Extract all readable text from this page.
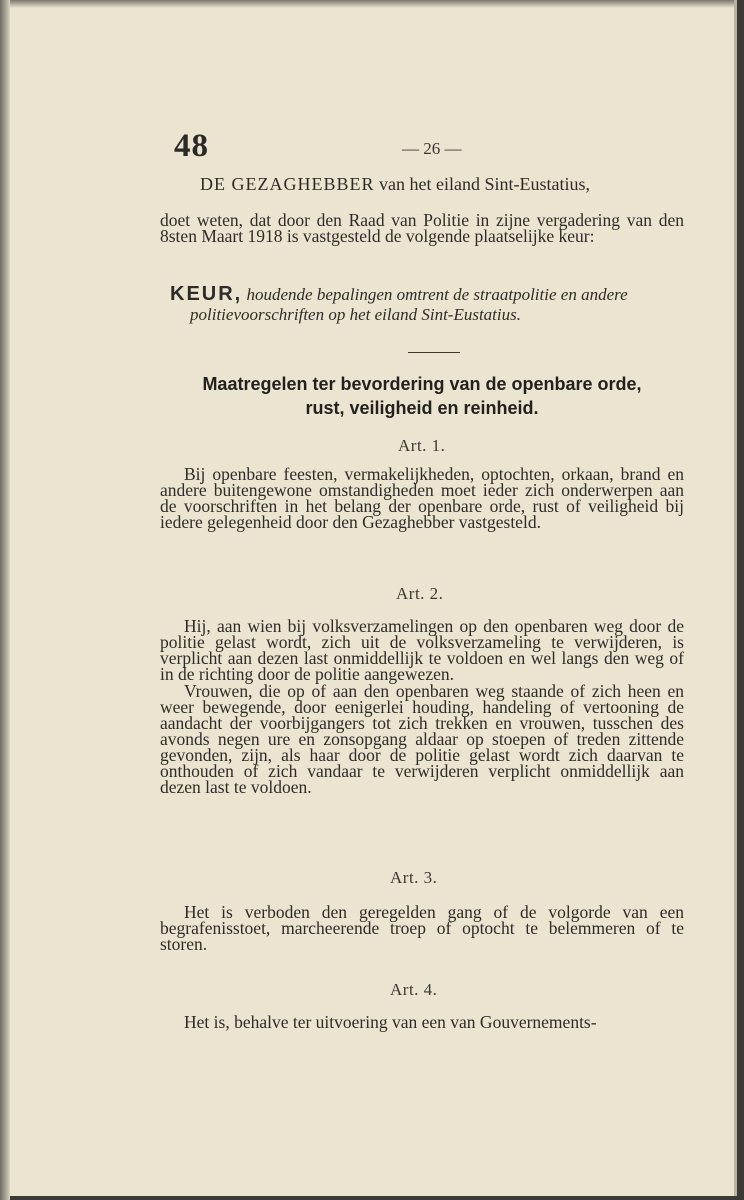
48	— 26 —
DE GEZAGHEBBER van het eiland Sint-Eustatius,

doet weten, dat door den Raad van Politie in zijne vergadering van den 8sten Maart 1918 is vastgesteld de volgende plaatselijke keur:

KEUR, houdende bepalingen omtrent de straatpolitie en andere
politievoorschriften op het eiland Sint-Eustatius.
Maatregelen ter bevordering van de openbare orde,
rust, veiligheid en reinheid.
Art. 1.

Bij openbare feesten, vermakelijkheden, optochten, orkaan, brand en andere buitengewone omstandigheden moet ieder zich onderwerpen aan de voorschriften in het belang der openbare orde, rust of veiligheid bij iedere gelegenheid door den Gezaghebber vastgesteld.

Art. 2.

Hij, aan wien bij volksverzamelingen op den openbaren weg door de politie gelast wordt, zich uit de volksverzameling te verwijderen, is verplicht aan dezen last onmiddellijk te voldoen en wel langs den weg of in de richting door de politie aangewezen.

Vrouwen, die op of aan den openbaren weg staande of zich heen en weer bewegende, door eenigerlei houding, handeling of vertooning de aandacht der voorbijgangers tot zich trekken en vrouwen, tusschen des avonds negen ure en zonsopgang aldaar op stoepen of treden zittende gevonden, zijn, als haar door de politie gelast wordt zich daarvan te onthouden of zich vandaar te verwijderen verplicht onmiddellijk aan dezen last te voldoen.

Art. 3.

Het is verboden den geregelden gang of de volgorde van een begrafenisstoet, marcheerende troep of optocht te belemmeren of te storen.

Art. 4.

Het is, behalve ter uitvoering van een van Gouvernements-
